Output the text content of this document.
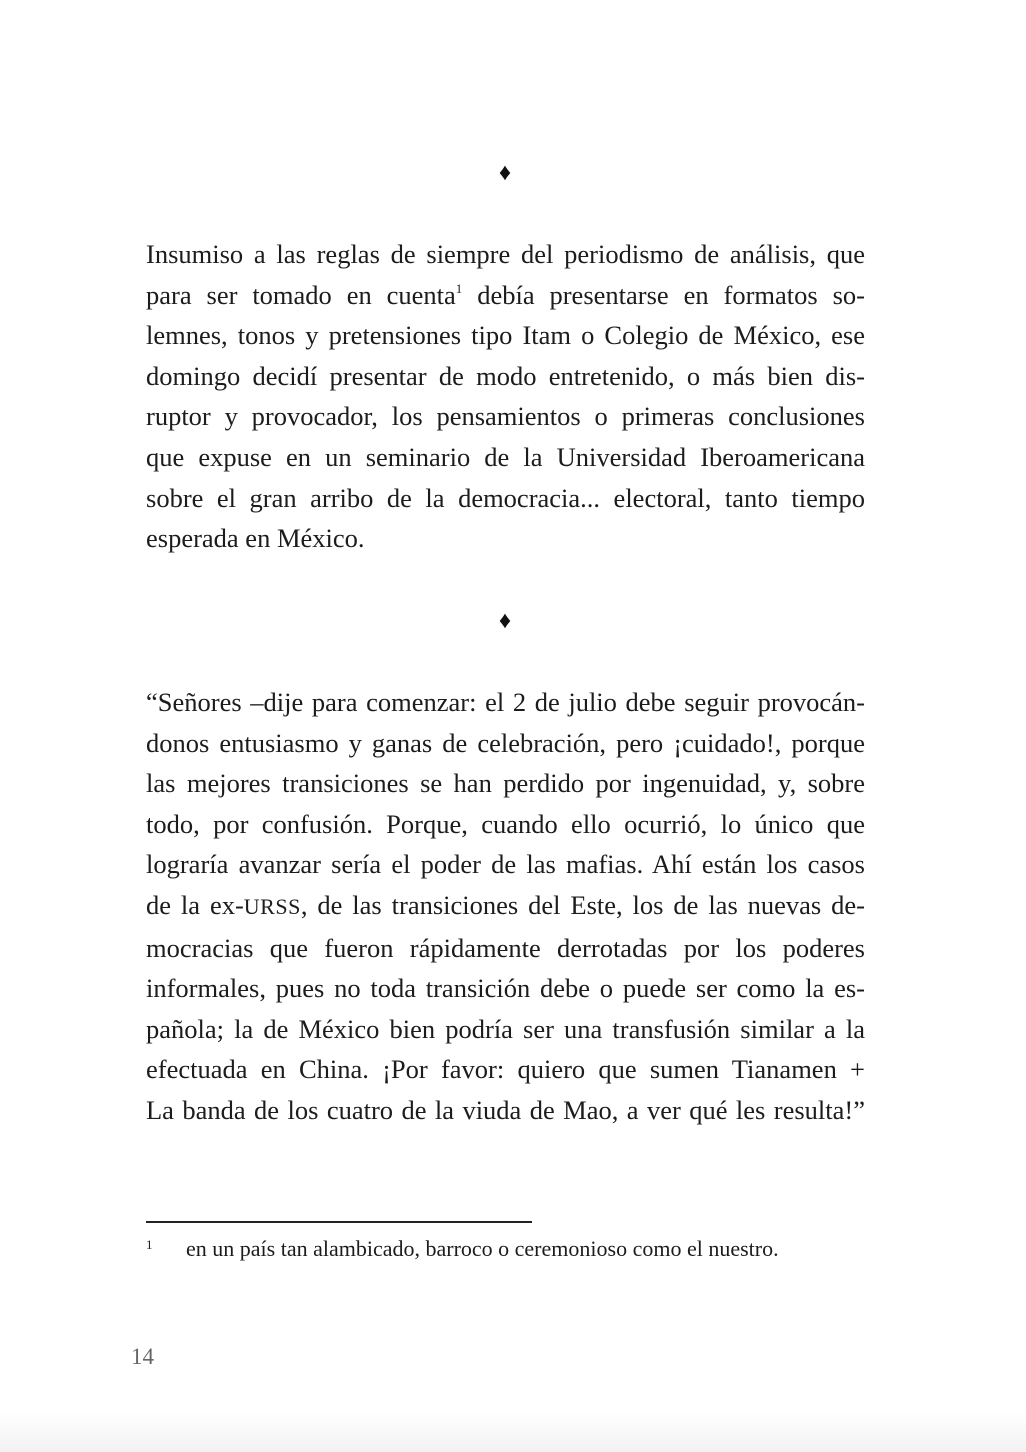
♦
Insumiso a las reglas de siempre del periodismo de análisis, que
para ser tomado en cuenta$^1$ debía presentarse en formatos so-
lemnes, tonos y pretensiones tipo Itam o Colegio de México, ese
domingo decidí presentar de modo entretenido, o más bien dis-
ruptor y provocador, los pensamientos o primeras conclusiones
que expuse en un seminario de la Universidad Iberoamericana
sobre el gran arribo de la democracia... electoral, tanto tiempo
esperada en México.
♦
“Señores –dije para comenzar: el 2 de julio debe seguir provocán-
donos entusiasmo y ganas de celebración, pero ¡cuidado!, porque
las mejores transiciones se han perdido por ingenuidad, y, sobre
todo, por confusión. Porque, cuando ello ocurrió, lo único que
lograría avanzar sería el poder de las mafias. Ahí están los casos
de la ex-URSS, de las transiciones del Este, los de las nuevas de-
mocracias que fueron rápidamente derrotadas por los poderes
informales, pues no toda transición debe o puede ser como la es-
pañola; la de México bien podría ser una transfusión similar a la
efectuada en China. ¡Por favor: quiero que sumen Tianamen +
La banda de los cuatro de la viuda de Mao, a ver qué les resulta!”
1 en un país tan alambicado, barroco o ceremonioso como el nuestro.
14
